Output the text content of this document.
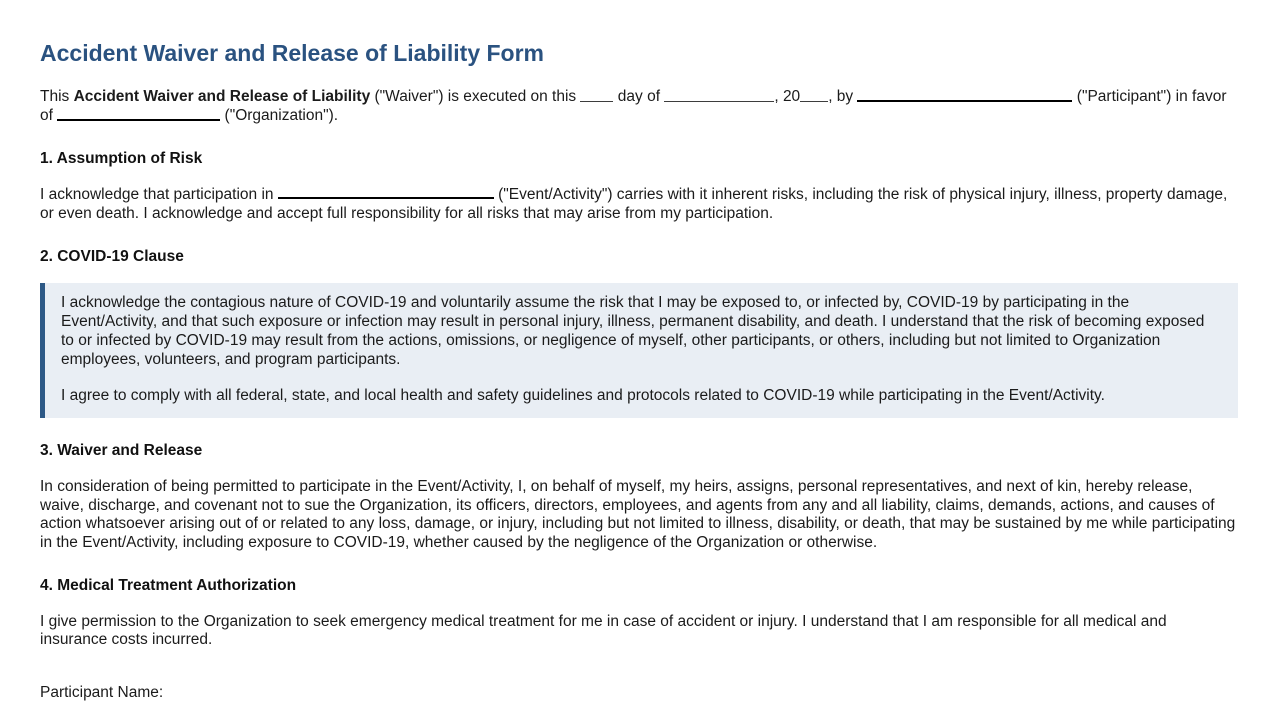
Accident Waiver and Release of Liability Form

This Accident Waiver and Release of Liability ("Waiver") is executed on this  day of	, 20 , by	("Participant") in favor of	("Organization").

1. Assumption of Risk

I acknowledge that participation in	("Event/Activity") carries with it inherent risks, including the risk of physical injury, illness, property damage, or even death. I acknowledge and accept full responsibility for all risks that may arise from my participation.

2. COVID-19 Clause

I acknowledge the contagious nature of COVID-19 and voluntarily assume the risk that I may be exposed to, or infected by, COVID-19 by participating in the Event/Activity, and that such exposure or infection may result in personal injury, illness, permanent disability, and death. I understand that the risk of becoming exposed to or infected by COVID-19 may result from the actions, omissions, or negligence of myself, other participants, or others, including but not limited to Organization employees, volunteers, and program participants.

I agree to comply with all federal, state, and local health and safety guidelines and protocols related to COVID-19 while participating in the Event/Activity.

3. Waiver and Release

In consideration of being permitted to participate in the Event/Activity, I, on behalf of myself, my heirs, assigns, personal representatives, and next of kin, hereby release, waive, discharge, and covenant not to sue the Organization, its officers, directors, employees, and agents from any and all liability, claims, demands, actions, and causes of action whatsoever arising out of or related to any loss, damage, or injury, including but not limited to illness, disability, or death, that may be sustained by me while participating in the Event/Activity, including exposure to COVID-19, whether caused by the negligence of the Organization or otherwise.

4. Medical Treatment Authorization

I give permission to the Organization to seek emergency medical treatment for me in case of accident or injury. I understand that I am responsible for all medical and insurance costs incurred.

Participant Name:
